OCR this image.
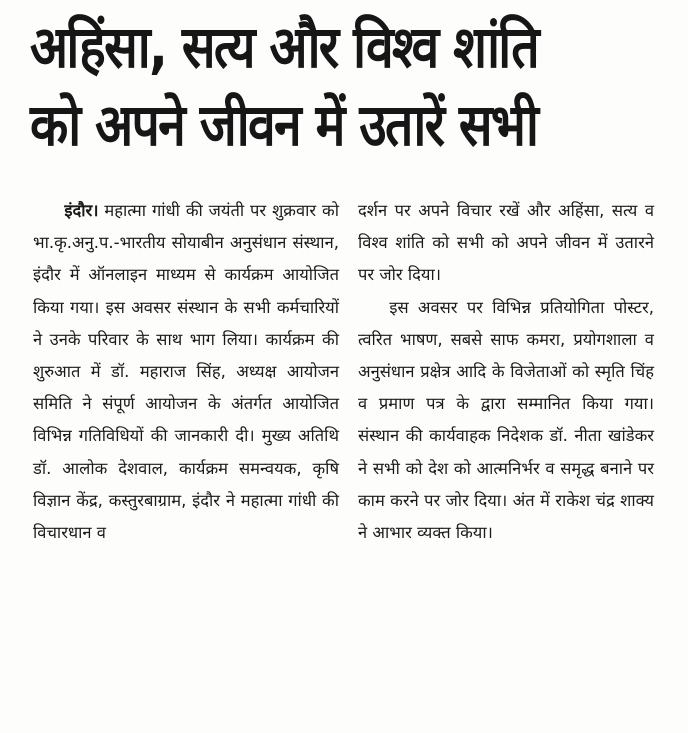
अहिंसा, सत्य और विश्व शांति
को अपने जीवन में उतारें सभी

इंदौर। महात्मा गांधी की जयंती पर शुक्रवार को भा.कृ.अनु.प.-भारतीय सोयाबीन अनुसंधान संस्थान, इंदौर में ऑनलाइन माध्यम से कार्यक्रम आयोजित किया गया। इस अवसर संस्थान के सभी कर्मचारियों ने उनके परिवार के साथ भाग लिया। कार्यक्रम की शुरुआत में डॉ. महाराज सिंह, अध्यक्ष आयोजन समिति ने संपूर्ण आयोजन के अंतर्गत आयोजित विभिन्न गतिविधियों की जानकारी दी। मुख्य अतिथि डॉ. आलोक देशवाल, कार्यक्रम समन्वयक, कृषि विज्ञान केंद्र, कस्तुरबाग्राम, इंदौर ने महात्मा गांधी की विचारधान व

दर्शन पर अपने विचार रखें और अहिंसा, सत्य व विश्व शांति को सभी को अपने जीवन में उतारने पर जोर दिया।

इस अवसर पर विभिन्न प्रतियोगिता पोस्टर, त्वरित भाषण, सबसे साफ कमरा, प्रयोगशाला व अनुसंधान प्रक्षेत्र आदि के विजेताओं को स्मृति चिंह व प्रमाण पत्र के द्वारा सम्मानित किया गया। संस्थान की कार्यवाहक निदेशक डॉ. नीता खांडेकर ने सभी को देश को आत्मनिर्भर व समृद्ध बनाने पर काम करने पर जोर दिया। अंत में राकेश चंद्र शाक्य ने आभार व्यक्त किया।
